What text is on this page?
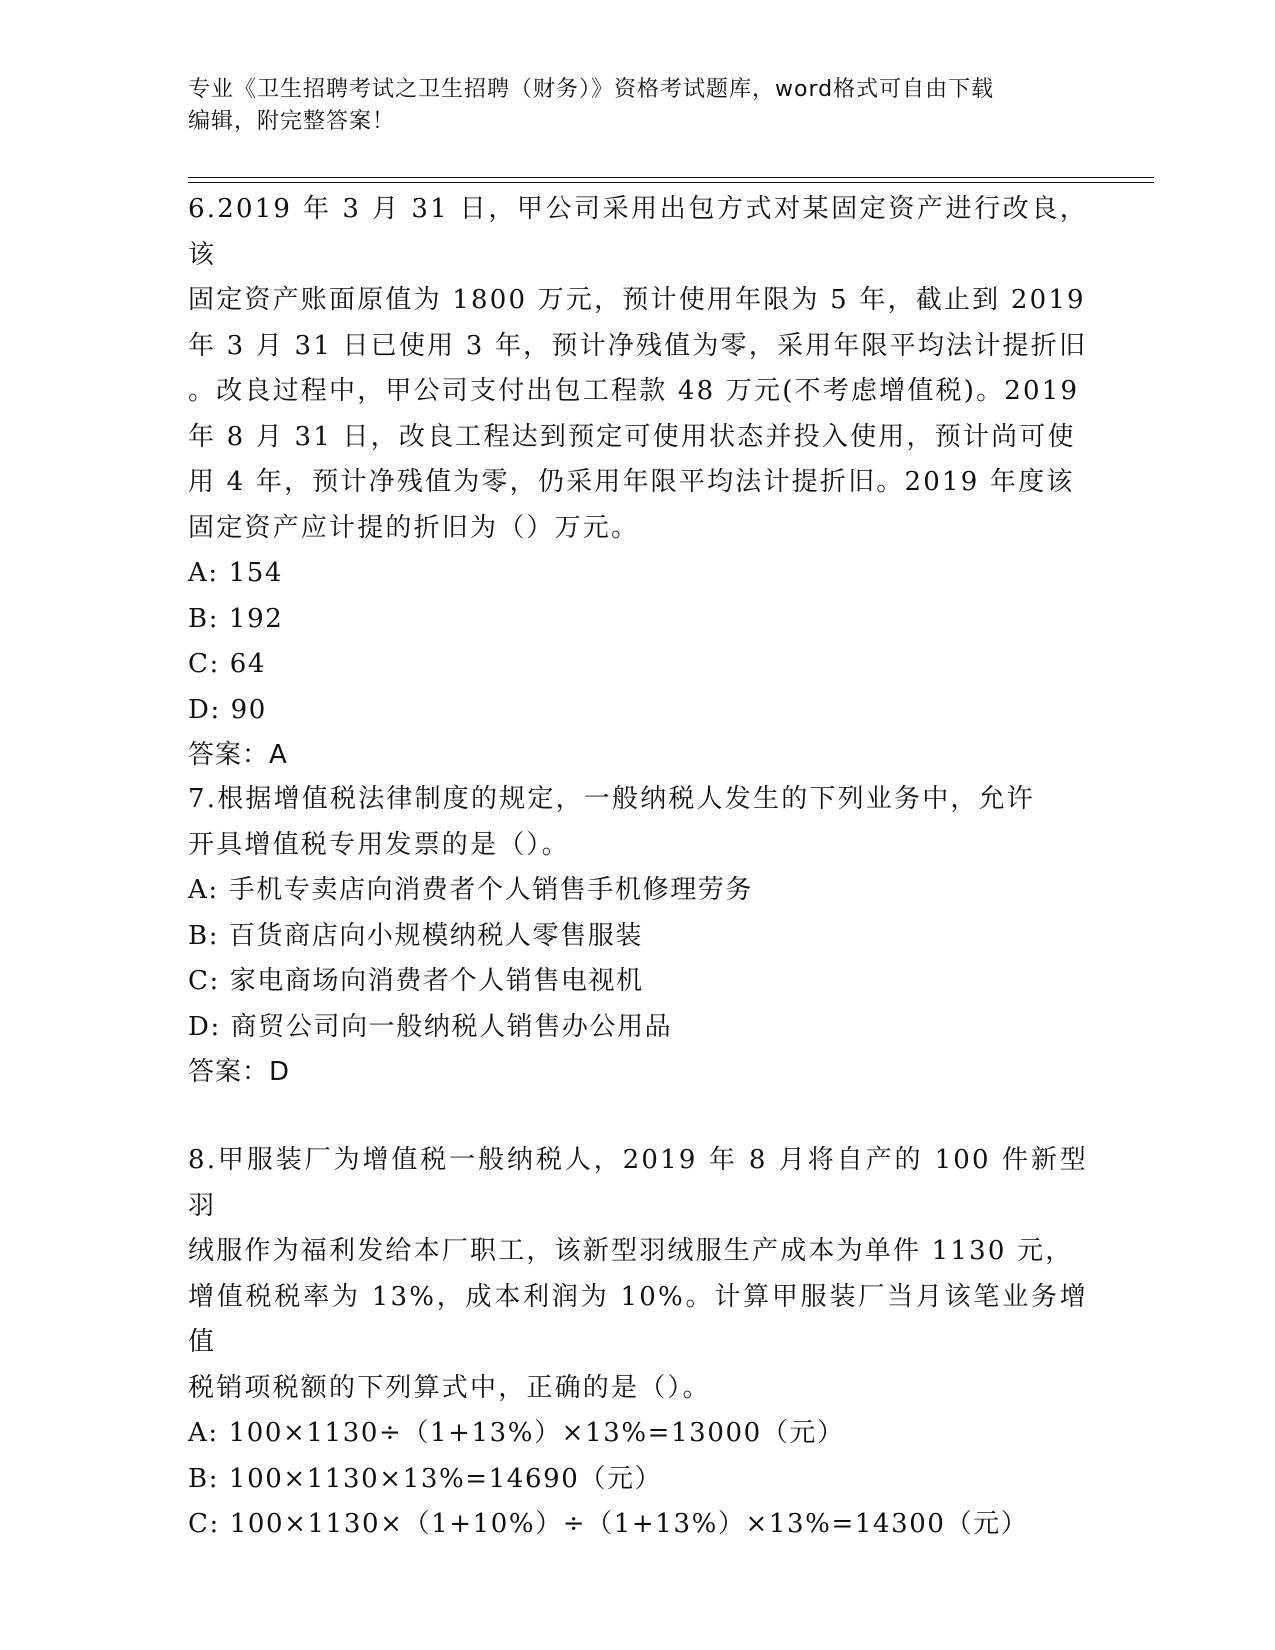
专业《卫生招聘考试之卫生招聘（财务）》资格考试题库，word格式可自由下载
编辑，附完整答案！

6.2019 年 3 月 31 日，甲公司采用出包方式对某固定资产进行改良，该

固定资产账面原值为 1800 万元，预计使用年限为 5 年，截止到 2019

年 3 月 31 日已使用 3 年，预计净残值为零，采用年限平均法计提折旧

。改良过程中，甲公司支付出包工程款 48 万元(不考虑增值税)。2019

年 8 月 31 日，改良工程达到预定可使用状态并投入使用，预计尚可使

用 4 年，预计净残值为零，仍采用年限平均法计提折旧。2019 年度该

固定资产应计提的折旧为（）万元。

A: 154

B: 192

C: 64

D: 90

答案：A

7.根据增值税法律制度的规定，一般纳税人发生的下列业务中，允许

开具增值税专用发票的是（）。

A: 手机专卖店向消费者个人销售手机修理劳务

B: 百货商店向小规模纳税人零售服装

C: 家电商场向消费者个人销售电视机

D: 商贸公司向一般纳税人销售办公用品

答案：D

8.甲服装厂为增值税一般纳税人，2019 年 8 月将自产的 100 件新型羽

绒服作为福利发给本厂职工，该新型羽绒服生产成本为单件 1130 元，

增值税税率为 13%，成本利润为 10%。计算甲服装厂当月该笔业务增值

税销项税额的下列算式中，正确的是（）。

A: 100×1130÷（1+13%）×13%=13000（元）

B: 100×1130×13%=14690（元）

C: 100×1130×（1+10%）÷（1+13%）×13%=14300（元）
